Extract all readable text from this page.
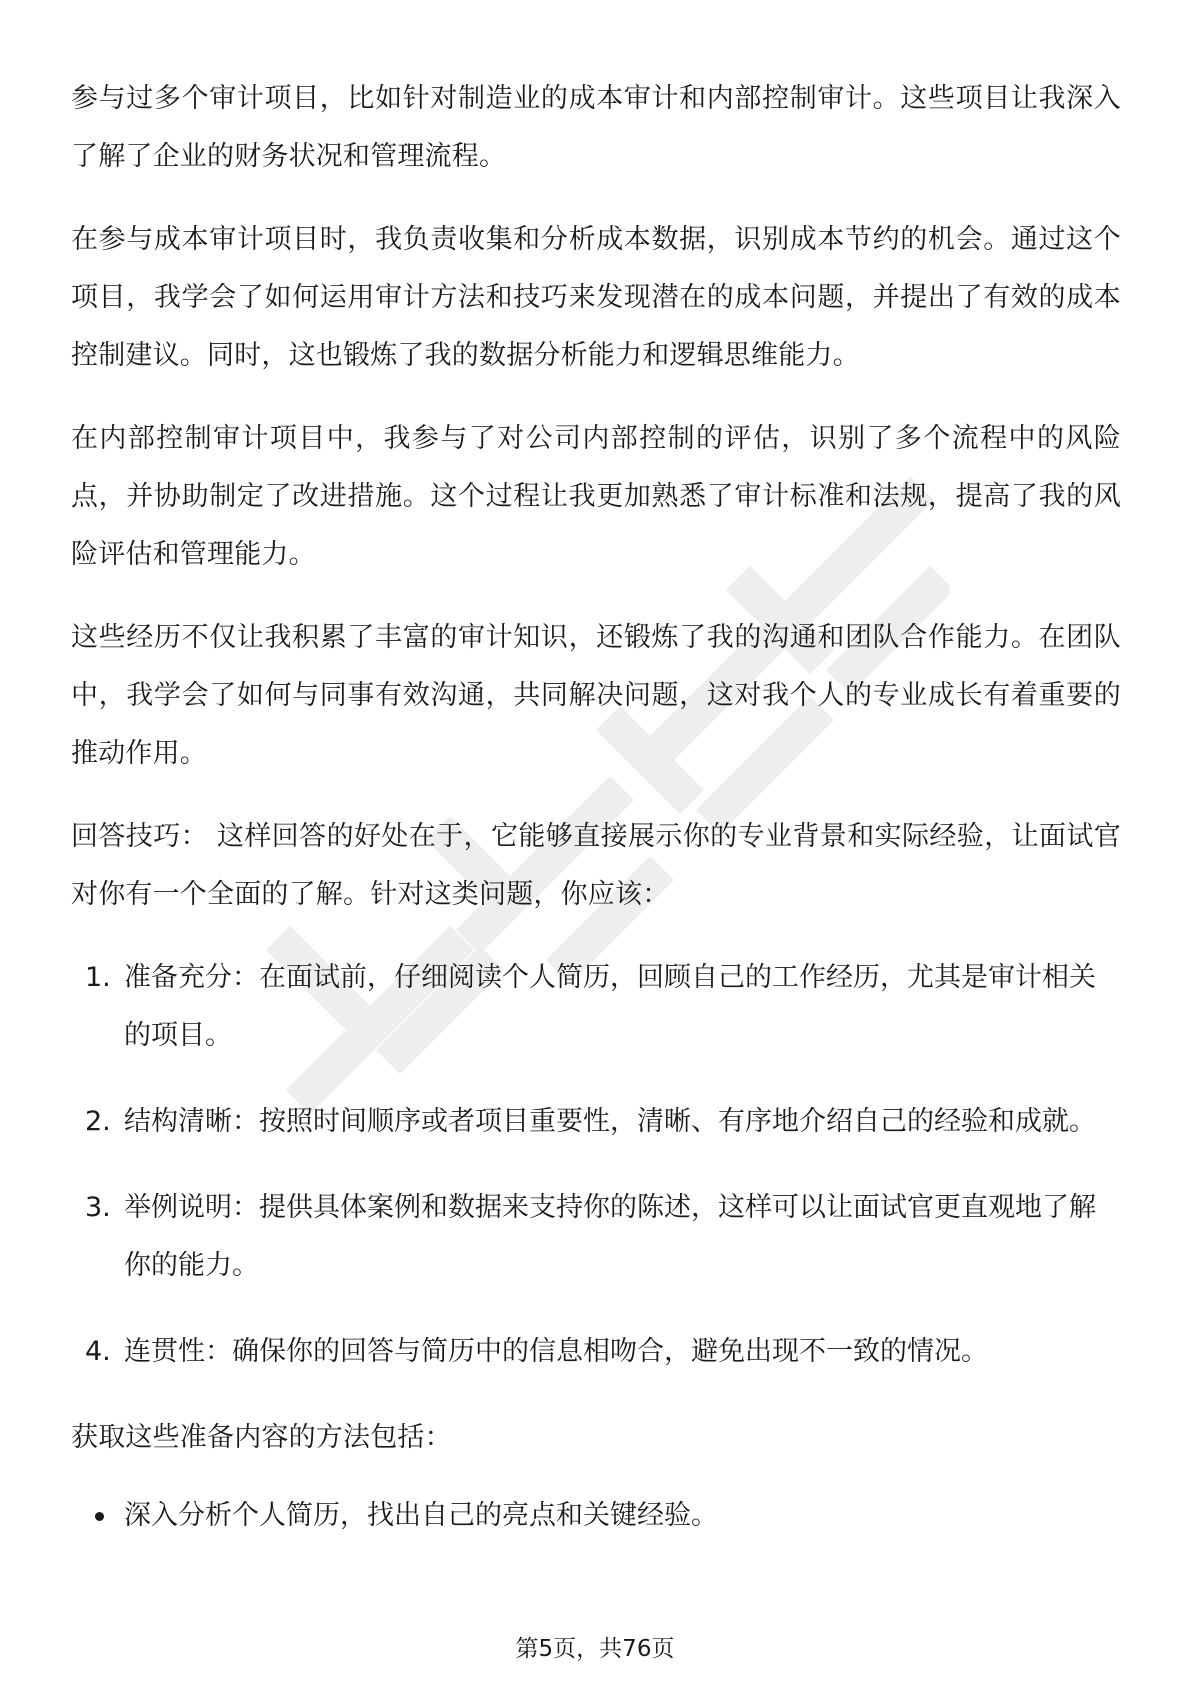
参与过多个审计项目，比如针对制造业的成本审计和内部控制审计。这些项目让我深入了解了企业的财务状况和管理流程。

在参与成本审计项目时，我负责收集和分析成本数据，识别成本节约的机会。通过这个项目，我学会了如何运用审计方法和技巧来发现潜在的成本问题，并提出了有效的成本控制建议。同时，这也锻炼了我的数据分析能力和逻辑思维能力。

在内部控制审计项目中，我参与了对公司内部控制的评估，识别了多个流程中的风险点，并协助制定了改进措施。这个过程让我更加熟悉了审计标准和法规，提高了我的风险评估和管理能力。

这些经历不仅让我积累了丰富的审计知识，还锻炼了我的沟通和团队合作能力。在团队中，我学会了如何与同事有效沟通，共同解决问题，这对我个人的专业成长有着重要的推动作用。

回答技巧： 这样回答的好处在于，它能够直接展示你的专业背景和实际经验，让面试官对你有一个全面的了解。针对这类问题，你应该：

1. 准备充分：在面试前，仔细阅读个人简历，回顾自己的工作经历，尤其是审计相关的项目。
2. 结构清晰：按照时间顺序或者项目重要性，清晰、有序地介绍自己的经验和成就。
3. 举例说明：提供具体案例和数据来支持你的陈述，这样可以让面试官更直观地了解你的能力。
4. 连贯性：确保你的回答与简历中的信息相吻合，避免出现不一致的情况。

获取这些准备内容的方法包括：

深入分析个人简历，找出自己的亮点和关键经验。
第5页，共76页
